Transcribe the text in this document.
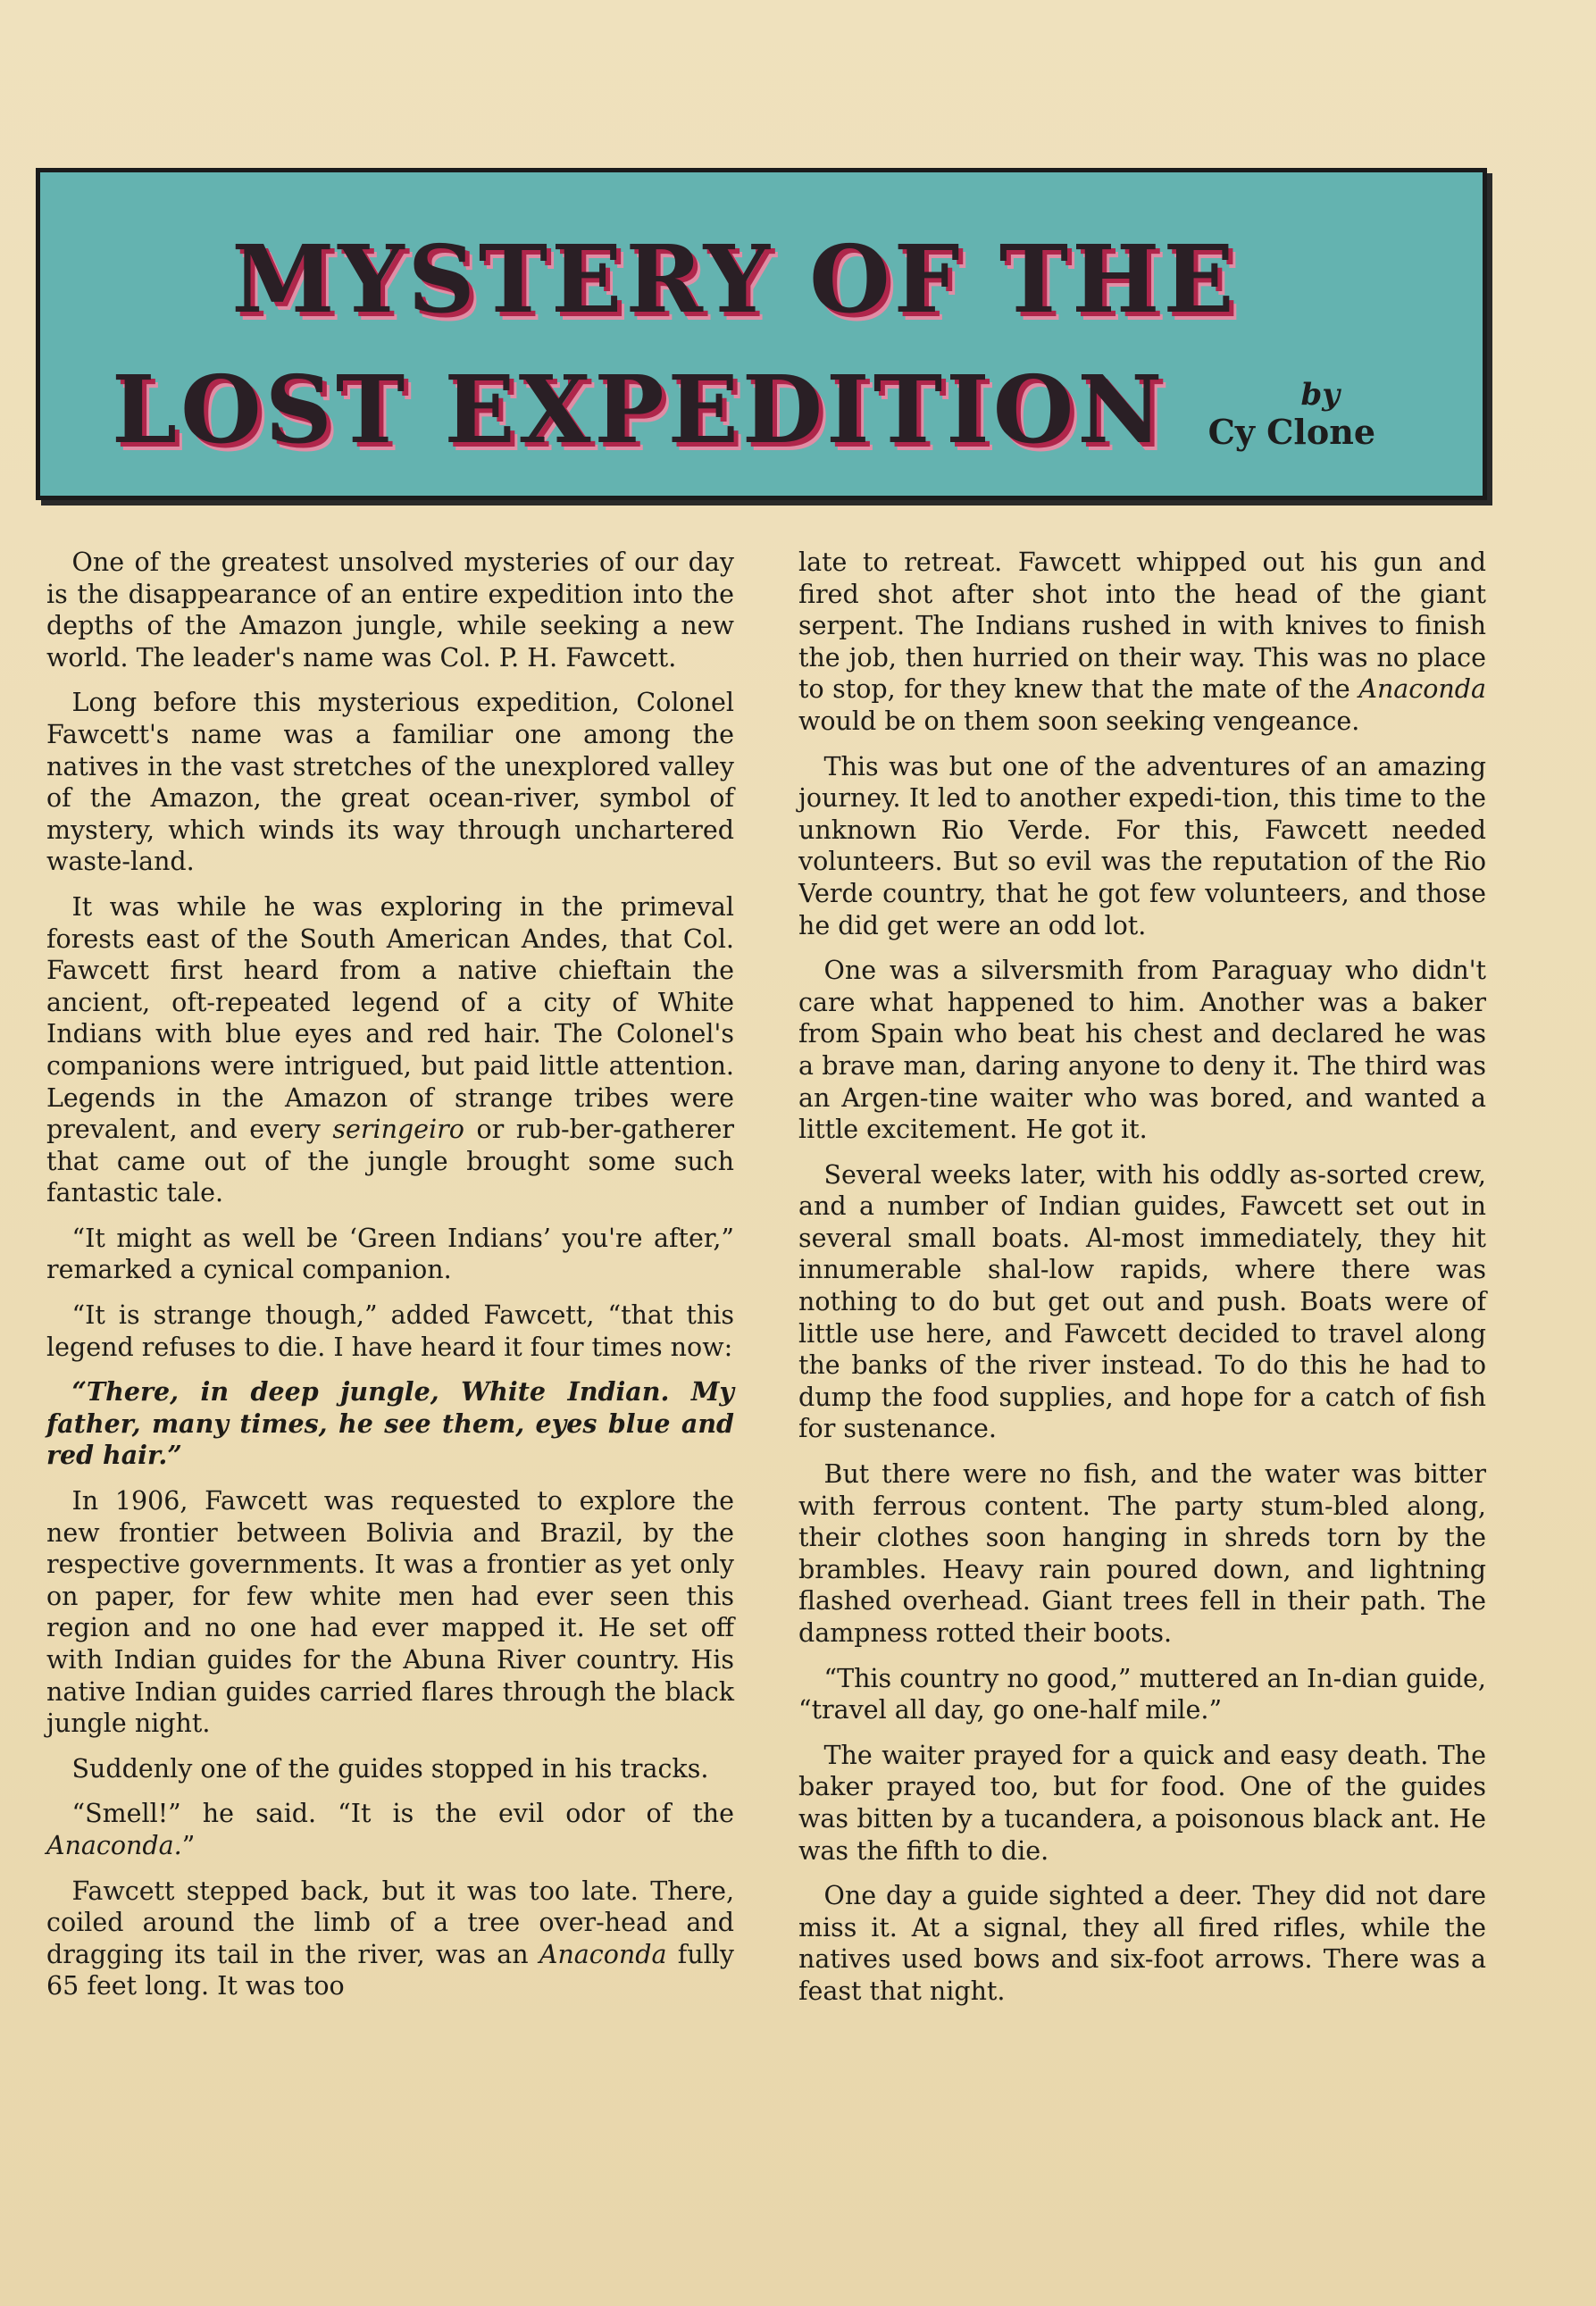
MYSTERY OF THE
LOST EXPEDITION	by
Cy Clone

One of the greatest unsolved mysteries of our day is the disappearance of an entire expedition into the depths of the Amazon jungle, while seeking a new world. The leader's name was Col. P. H. Fawcett.

Long before this mysterious expedition, Colonel Fawcett's name was a familiar one among the natives in the vast stretches of the unexplored valley of the Amazon, the great ocean-river, symbol of mystery, which winds its way through unchartered waste-land.

It was while he was exploring in the primeval forests east of the South American Andes, that Col. Fawcett first heard from a native chieftain the ancient, oft-repeated legend of a city of White Indians with blue eyes and red hair. The Colonel's companions were intrigued, but paid little attention. Legends in the Amazon of strange tribes were prevalent, and every seringeiro or rub-ber-gatherer that came out of the jungle brought some such fantastic tale.

“It might as well be ‘Green Indians’ you're after,” remarked a cynical companion.

“It is strange though,” added Fawcett, “that this legend refuses to die. I have heard it four times now:

“There, in deep jungle, White Indian. My father, many times, he see them, eyes blue and red hair.”

In 1906, Fawcett was requested to explore the new frontier between Bolivia and Brazil, by the respective governments. It was a frontier as yet only on paper, for few white men had ever seen this region and no one had ever mapped it. He set off with Indian guides for the Abuna River country. His native Indian guides carried flares through the black jungle night.

Suddenly one of the guides stopped in his tracks.

“Smell!” he said. “It is the evil odor of the Anaconda.”

Fawcett stepped back, but it was too late. There, coiled around the limb of a tree over-head and dragging its tail in the river, was an Anaconda fully 65 feet long. It was too

late to retreat. Fawcett whipped out his gun and fired shot after shot into the head of the giant serpent. The Indians rushed in with knives to finish the job, then hurried on their way. This was no place to stop, for they knew that the mate of the Anaconda would be on them soon seeking vengeance.

This was but one of the adventures of an amazing journey. It led to another expedi-tion, this time to the unknown Rio Verde. For this, Fawcett needed volunteers. But so evil was the reputation of the Rio Verde country, that he got few volunteers, and those he did get were an odd lot.

One was a silversmith from Paraguay who didn't care what happened to him. Another was a baker from Spain who beat his chest and declared he was a brave man, daring anyone to deny it. The third was an Argen-tine waiter who was bored, and wanted a little excitement. He got it.

Several weeks later, with his oddly as-sorted crew, and a number of Indian guides, Fawcett set out in several small boats. Al-most immediately, they hit innumerable shal-low rapids, where there was nothing to do but get out and push. Boats were of little use here, and Fawcett decided to travel along the banks of the river instead. To do this he had to dump the food supplies, and hope for a catch of fish for sustenance.

But there were no fish, and the water was bitter with ferrous content. The party stum-bled along, their clothes soon hanging in shreds torn by the brambles. Heavy rain poured down, and lightning flashed overhead. Giant trees fell in their path. The dampness rotted their boots.

“This country no good,” muttered an In-dian guide, “travel all day, go one-half mile.”

The waiter prayed for a quick and easy death. The baker prayed too, but for food. One of the guides was bitten by a tucandera, a poisonous black ant. He was the fifth to die.

One day a guide sighted a deer. They did not dare miss it. At a signal, they all fired rifles, while the natives used bows and six-foot arrows. There was a feast that night.
